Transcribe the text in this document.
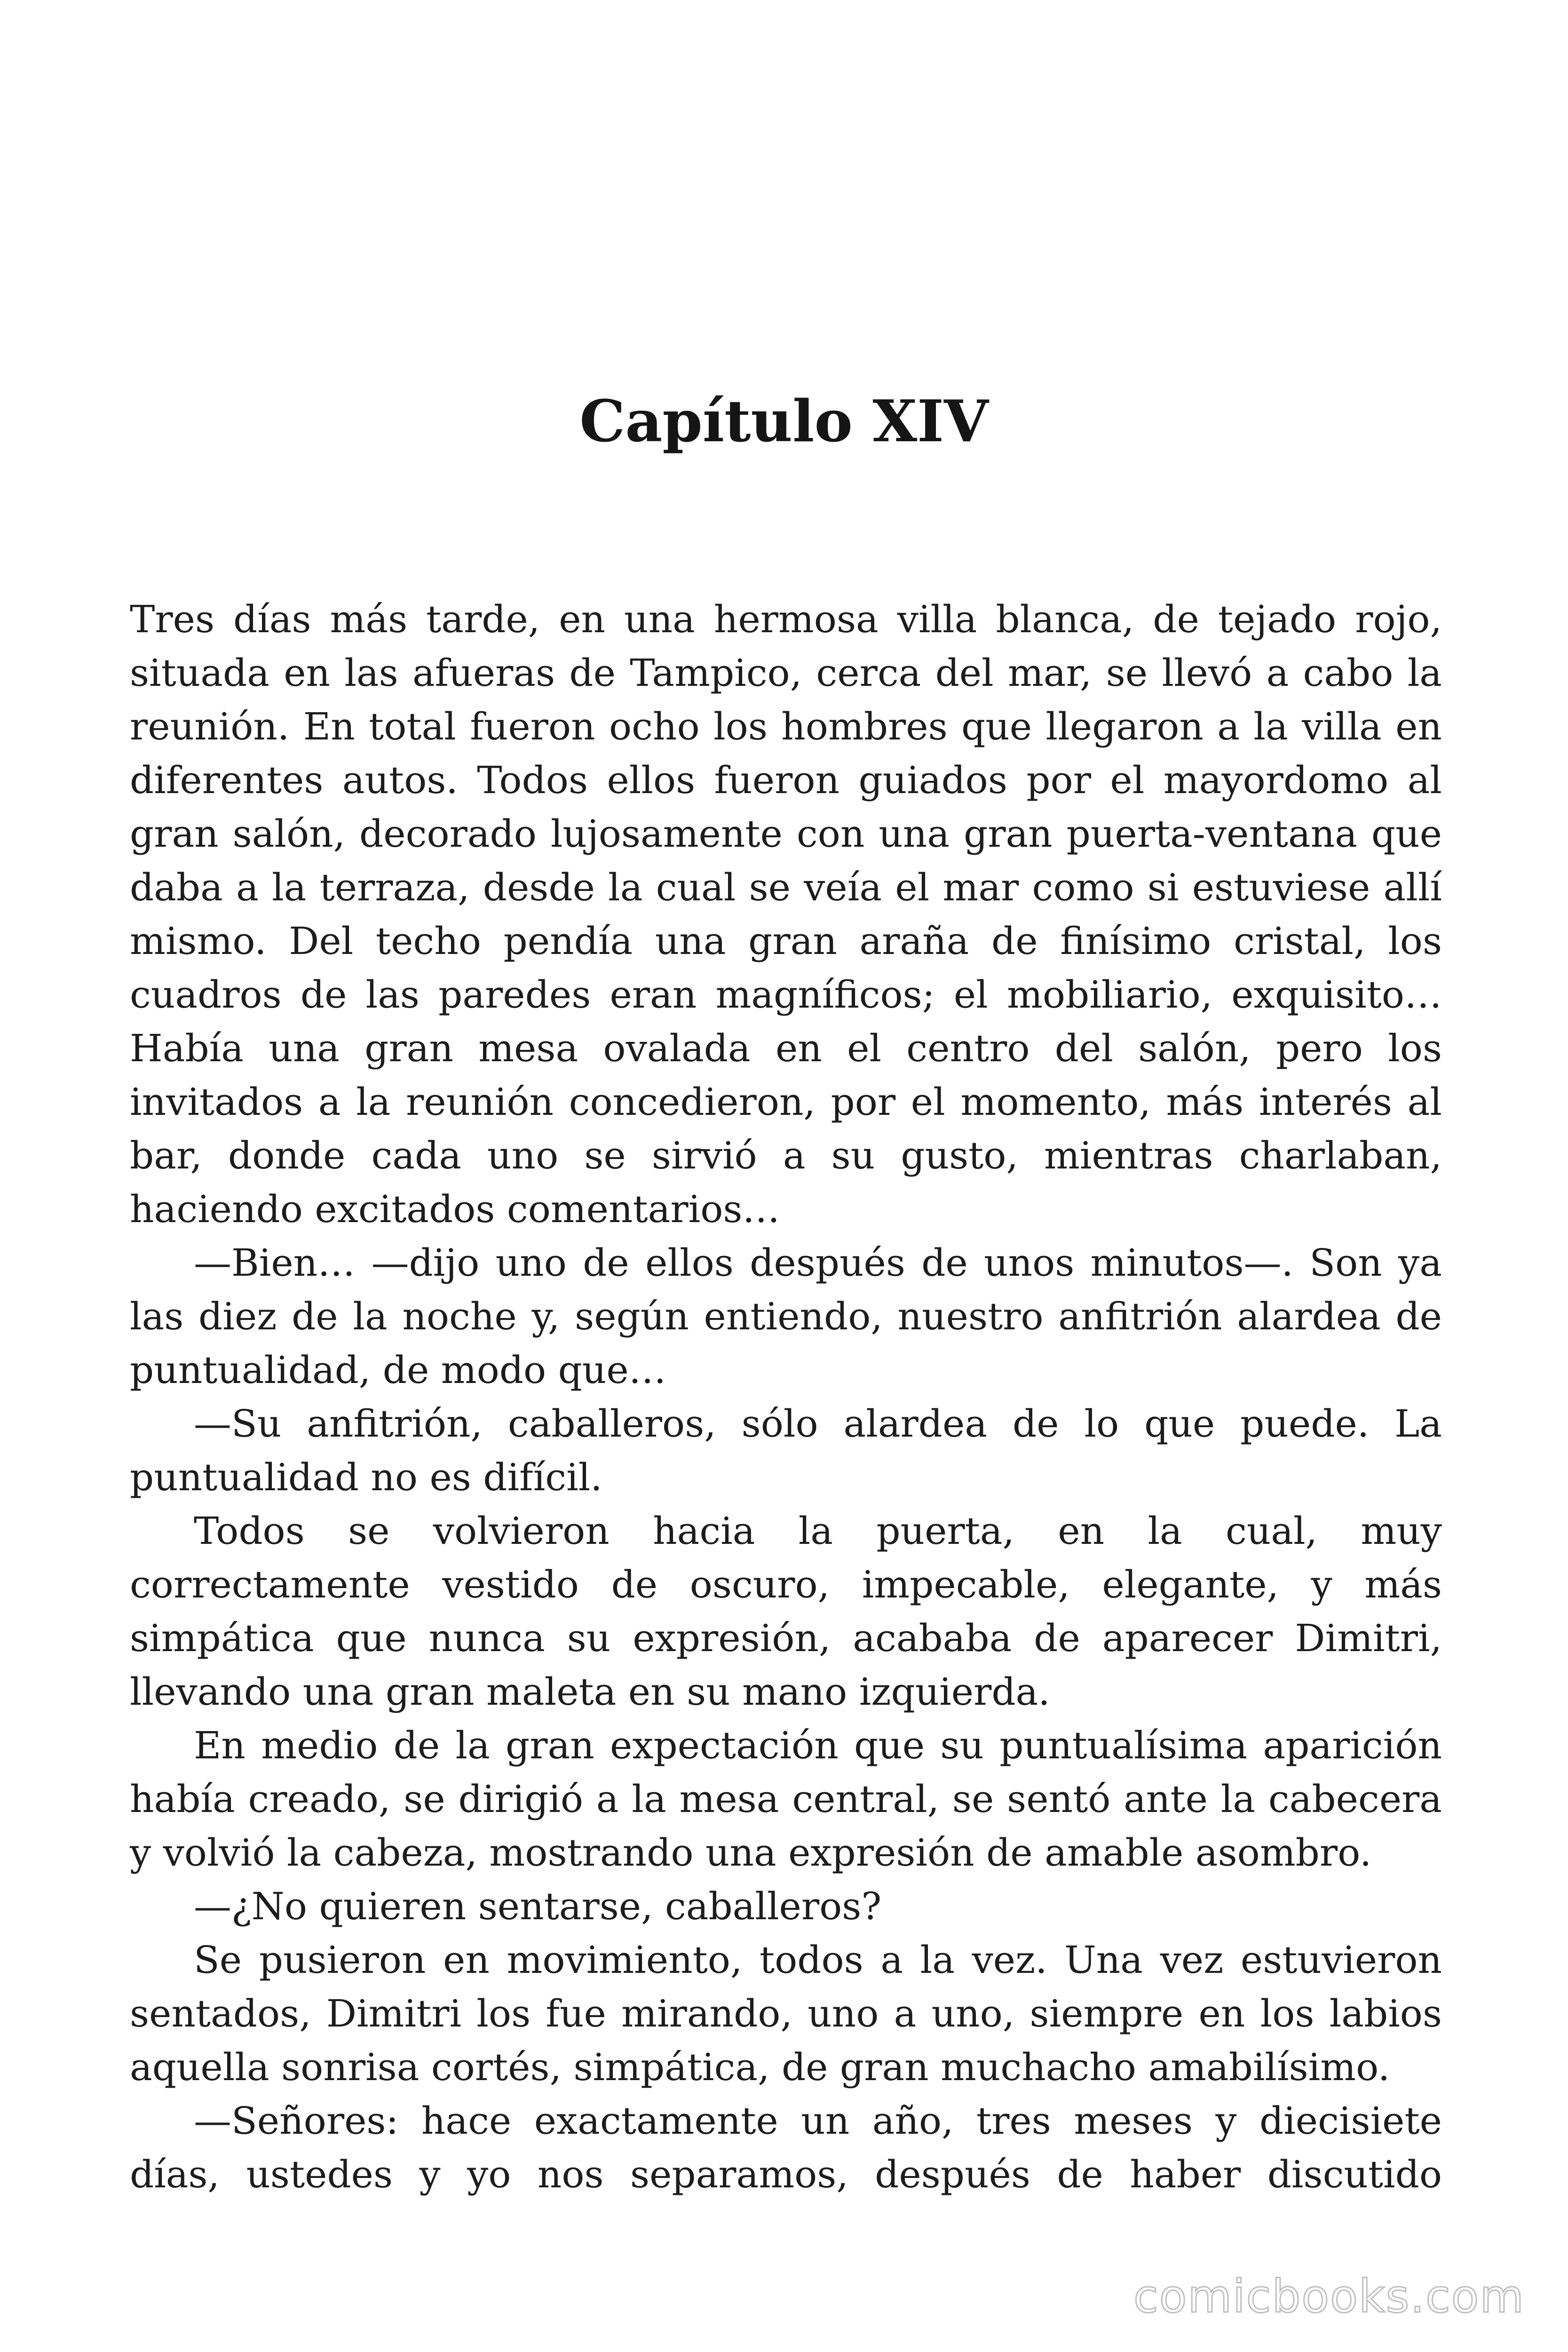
Capítulo XIV

Tres días más tarde, en una hermosa villa blanca, de tejado rojo, situada en las afueras de Tampico, cerca del mar, se llevó a cabo la reunión. En total fueron ocho los hombres que llegaron a la villa en diferentes autos. Todos ellos fueron guiados por el mayordomo al gran salón, decorado lujosamente con una gran puerta-ventana que daba a la terraza, desde la cual se veía el mar como si estuviese allí mismo. Del techo pendía una gran araña de finísimo cristal, los cuadros de las paredes eran magníficos; el mobiliario, exquisito… Había una gran mesa ovalada en el centro del salón, pero los invitados a la reunión concedieron, por el momento, más interés al bar, donde cada uno se sirvió a su gusto, mientras charlaban, haciendo excitados comentarios…

—Bien… —dijo uno de ellos después de unos minutos—. Son ya las diez de la noche y, según entiendo, nuestro anfitrión alardea de puntualidad, de modo que…

—Su anfitrión, caballeros, sólo alardea de lo que puede. La puntualidad no es difícil.

Todos se volvieron hacia la puerta, en la cual, muy correctamente vestido de oscuro, impecable, elegante, y más simpática que nunca su expresión, acababa de aparecer Dimitri, llevando una gran maleta en su mano izquierda.

En medio de la gran expectación que su puntualísima aparición había creado, se dirigió a la mesa central, se sentó ante la cabecera y volvió la cabeza, mostrando una expresión de amable asombro.

—¿No quieren sentarse, caballeros?

Se pusieron en movimiento, todos a la vez. Una vez estuvieron sentados, Dimitri los fue mirando, uno a uno, siempre en los labios aquella sonrisa cortés, simpática, de gran muchacho amabilísimo.

—Señores: hace exactamente un año, tres meses y diecisiete días, ustedes y yo nos separamos, después de haber discutido

comicbooks.com
